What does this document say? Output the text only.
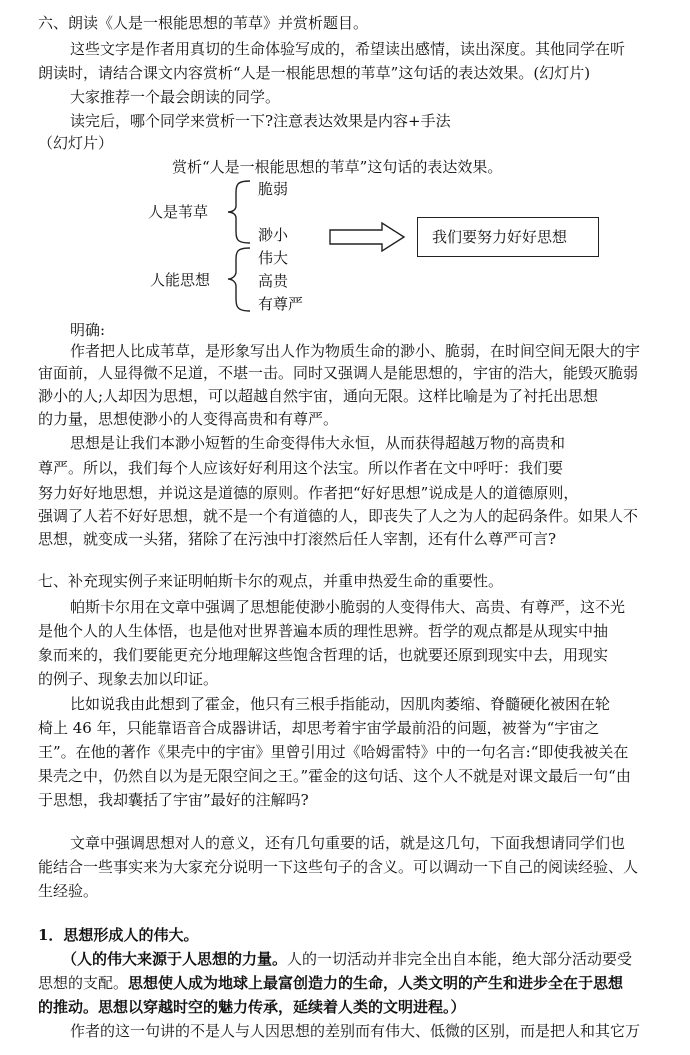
六、朗读《人是一根能思想的苇草》并赏析题目。
这些文字是作者用真切的生命体验写成的，希望读出感情，读出深度。其他同学在听
朗读时，请结合课文内容赏析“人是一根能思想的苇草”这句话的表达效果。(幻灯片)
大家推荐一个最会朗读的同学。
读完后，哪个同学来赏析一下?注意表达效果是内容+手法
（幻灯片）
赏析“人是一根能思想的苇草”这句话的表达效果。
人是苇草
人能思想
脆弱
渺小
伟大
高贵
有尊严
我们要努力好好思想
明确:
作者把人比成苇草，是形象写出人作为物质生命的渺小、脆弱，在时间空间无限大的宇
宙面前，人显得微不足道，不堪一击。同时又强调人是能思想的，宇宙的浩大，能毁灭脆弱
渺小的人;人却因为思想，可以超越自然宇宙，通向无限。这样比喻是为了衬托出思想
的力量，思想使渺小的人变得高贵和有尊严。
思想是让我们本渺小短暂的生命变得伟大永恒，从而获得超越万物的高贵和
尊严。所以，我们每个人应该好好利用这个法宝。所以作者在文中呼吁：我们要
努力好好地思想，并说这是道德的原则。作者把“好好思想”说成是人的道德原则，
强调了人若不好好思想，就不是一个有道德的人，即丧失了人之为人的起码条件。如果人不
思想，就变成一头猪，猪除了在污浊中打滚然后任人宰割，还有什么尊严可言?
七、补充现实例子来证明帕斯卡尔的观点，并重申热爱生命的重要性。
帕斯卡尔用在文章中强调了思想能使渺小脆弱的人变得伟大、高贵、有尊严，这不光
是他个人的人生体悟，也是他对世界普遍本质的理性思辨。哲学的观点都是从现实中抽
象而来的，我们要能更充分地理解这些饱含哲理的话，也就要还原到现实中去，用现实
的例子、现象去加以印证。
比如说我由此想到了霍金，他只有三根手指能动，因肌肉萎缩、脊髓硬化被困在轮
椅上 46 年，只能靠语音合成器讲话，却思考着宇宙学最前沿的问题，被誉为“宇宙之
王”。在他的著作《果壳中的宇宙》里曾引用过《哈姆雷特》中的一句名言:“即使我被关在
果壳之中，仍然自以为是无限空间之王。”霍金的这句话、这个人不就是对课文最后一句“由
于思想，我却囊括了宇宙”最好的注解吗?
文章中强调思想对人的意义，还有几句重要的话，就是这几句，下面我想请同学们也
能结合一些事实来为大家充分说明一下这些句子的含义。可以调动一下自己的阅读经验、人
生经验。
1．思想形成人的伟大。
（人的伟大来源于人思想的力量。人的一切活动并非完全出自本能，绝大部分活动要受
思想的支配。思想使人成为地球上最富创造力的生命，人类文明的产生和进步全在于思想
的推动。思想以穿越时空的魅力传承，延续着人类的文明进程。）
作者的这一句讲的不是人与人因思想的差别而有伟大、低微的区别，而是把人和其它万
